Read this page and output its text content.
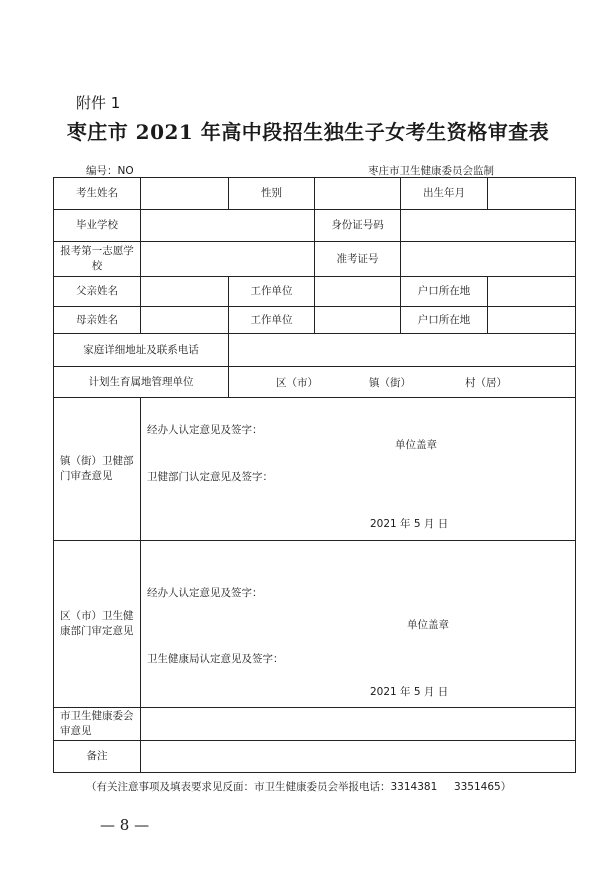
附件 1
枣庄市 2021 年高中段招生独生子女考生资格审查表
编号：NO	枣庄市卫生健康委员会监制
考生姓名		性别		出生年月	
毕业学校			身份证号码		
报考第一志愿学校			准考证号		
父亲姓名		工作单位		户口所在地	
母亲姓名		工作单位		户口所在地	
家庭详细地址及联系电话					
计划生育属地管理单位		区（市） 镇（街） 村（居）			

镇（街）卫健部门审查意见	经办人认定意见及签字：
单位盖章
卫健部门认定意见及签字：
2021 年 5 月 日				

区（市）卫生健康部门审定意见	经办人认定意见及签字：
单位盖章
卫生健康局认定意见及签字：
2021 年 5 月 日				

市卫生健康委会审意见					

备注					
（有关注意事项及填表要求见反面：市卫生健康委员会举报电话：3314381     3351465）
— 8 —
